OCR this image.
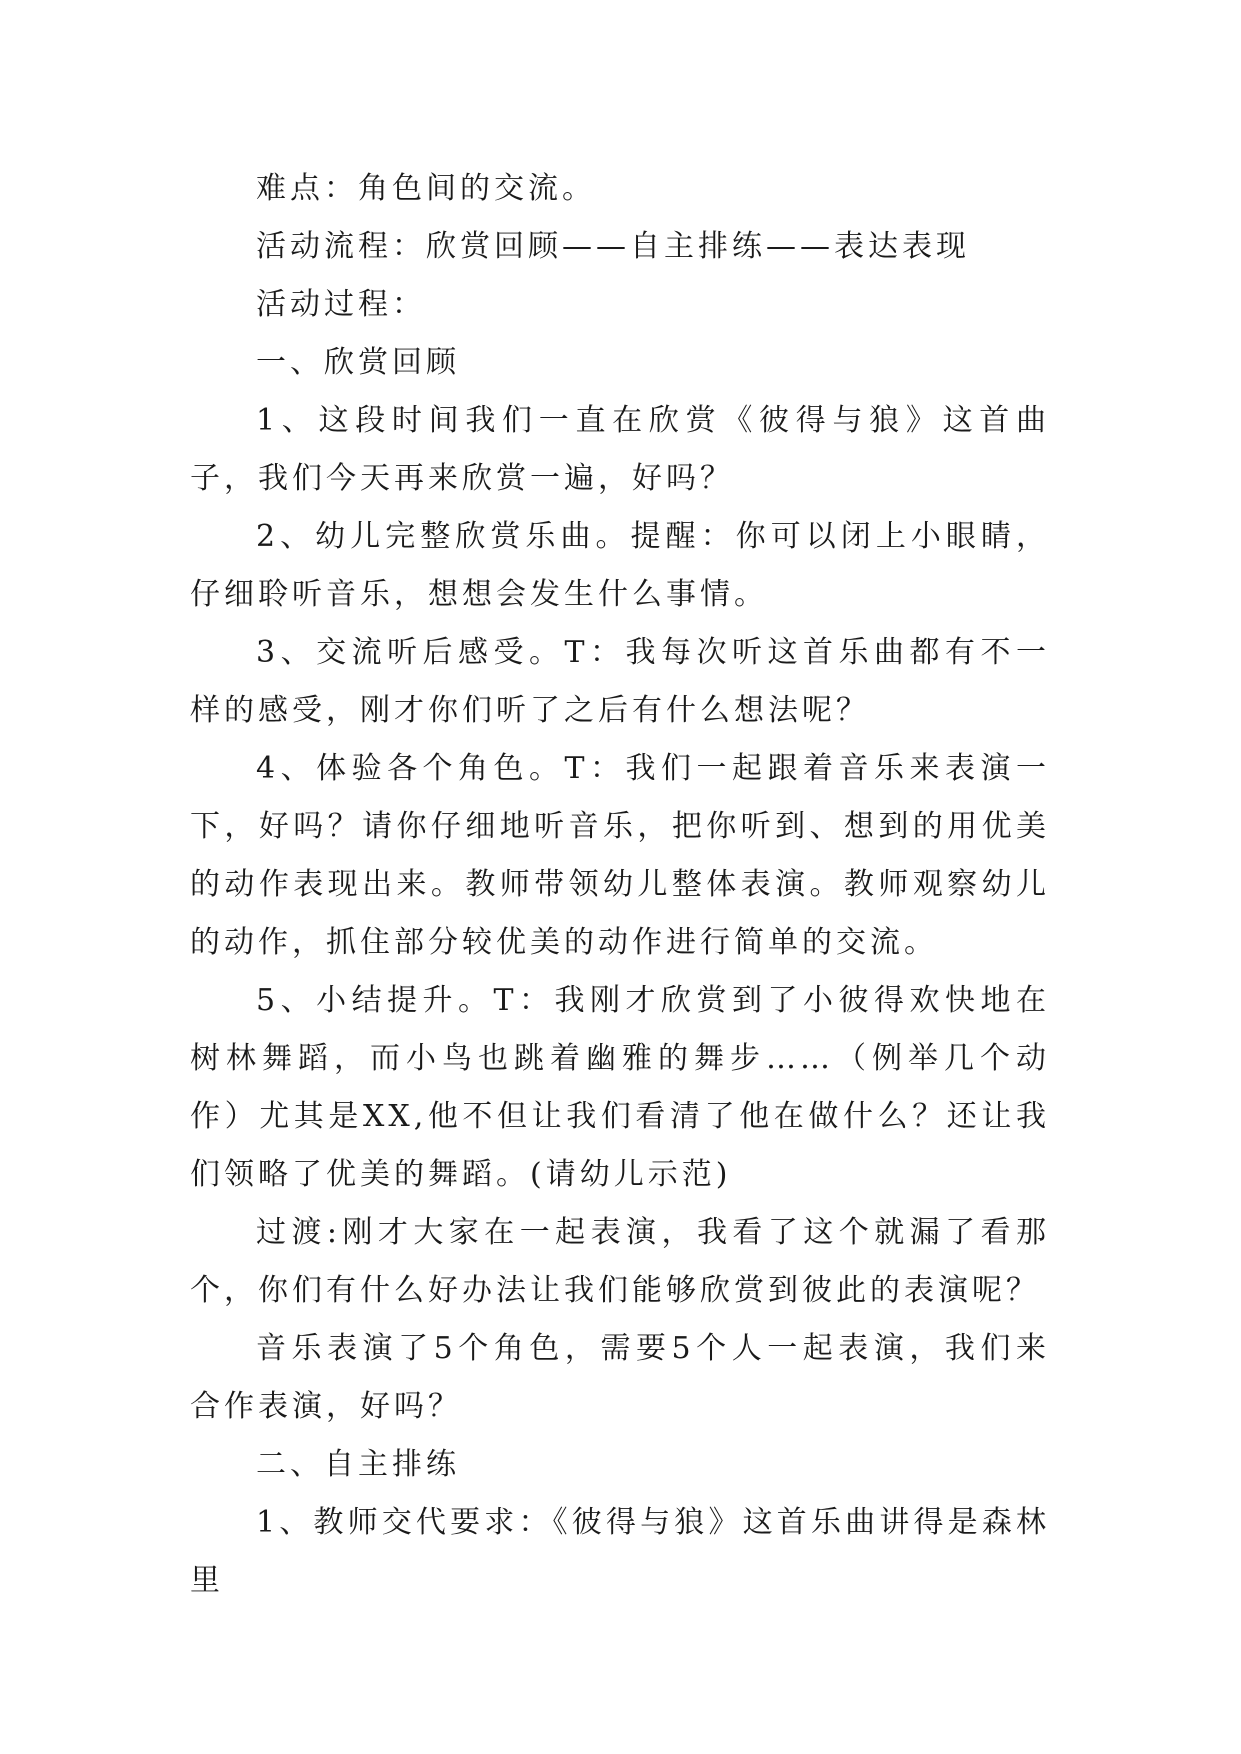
难点：角色间的交流。

活动流程：欣赏回顾——自主排练——表达表现

活动过程：

一、欣赏回顾

1、这段时间我们一直在欣赏《彼得与狼》这首曲子，我们今天再来欣赏一遍，好吗？

2、幼儿完整欣赏乐曲。提醒：你可以闭上小眼睛，仔细聆听音乐，想想会发生什么事情。

3、交流听后感受。T：我每次听这首乐曲都有不一样的感受，刚才你们听了之后有什么想法呢？

4、体验各个角色。T：我们一起跟着音乐来表演一下，好吗？请你仔细地听音乐，把你听到、想到的用优美的动作表现出来。教师带领幼儿整体表演。教师观察幼儿的动作，抓住部分较优美的动作进行简单的交流。

5、小结提升。T：我刚才欣赏到了小彼得欢快地在树林舞蹈，而小鸟也跳着幽雅的舞步……（例举几个动作）尤其是XX,他不但让我们看清了他在做什么？还让我们领略了优美的舞蹈。(请幼儿示范)

过渡:刚才大家在一起表演，我看了这个就漏了看那个，你们有什么好办法让我们能够欣赏到彼此的表演呢？

音乐表演了5个角色，需要5个人一起表演，我们来合作表演，好吗？

二、自主排练

1、教师交代要求：《彼得与狼》这首乐曲讲得是森林里
